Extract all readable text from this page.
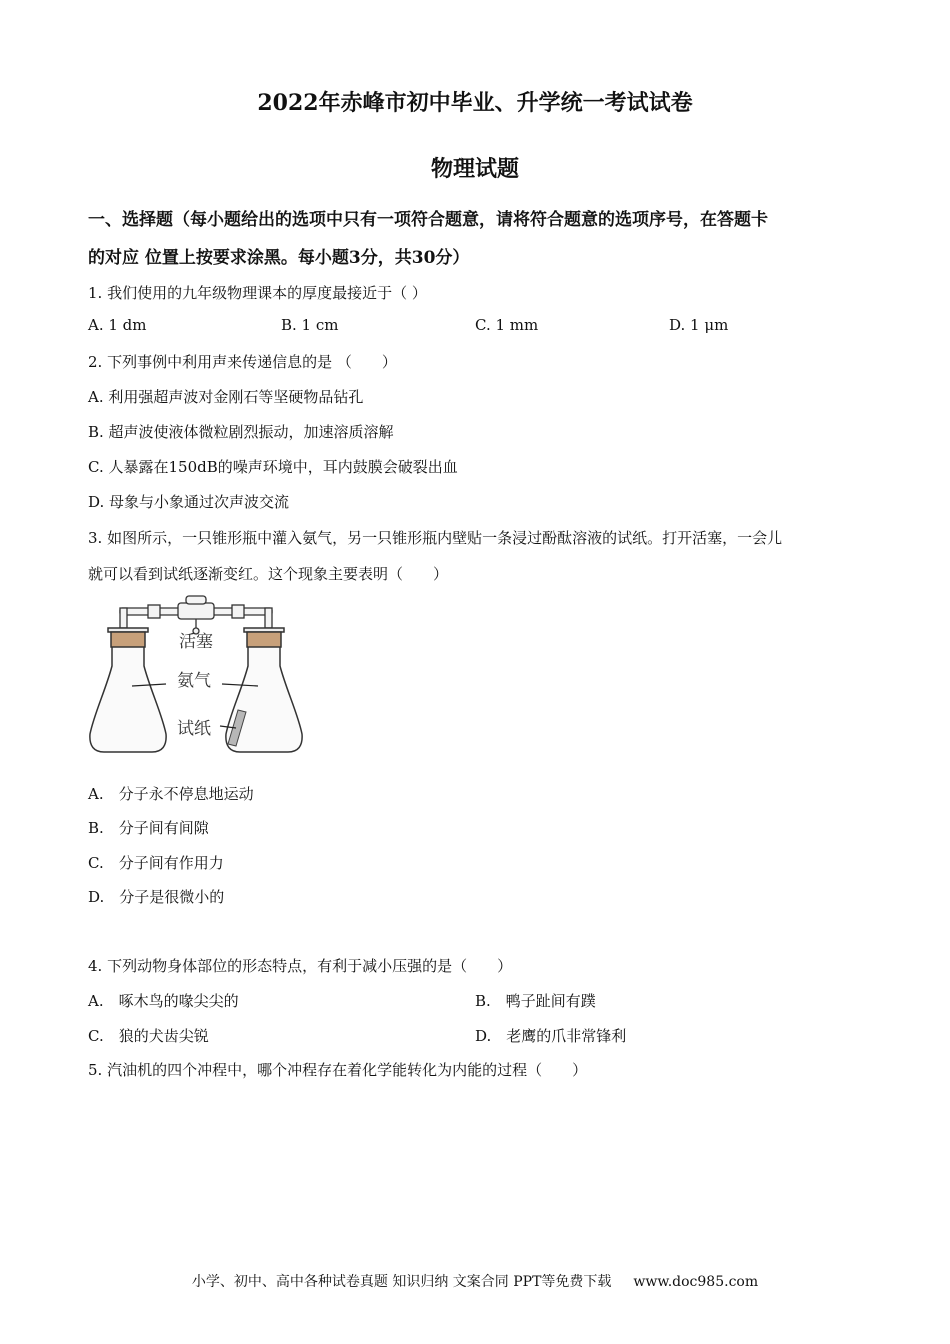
2022年赤峰市初中毕业、升学统一考试试卷
物理试题
一、选择题（每小题给出的选项中只有一项符合题意，请将符合题意的选项序号，在答题卡
的对应 位置上按要求涂黑。每小题3分，共30分）
1. 我们使用的九年级物理课本的厚度最接近于（ ）
A. 1 dm	B. 1 cm	C. 1 mm	D. 1 μm
2. 下列事例中利用声来传递信息的是 （　　）
A. 利用强超声波对金刚石等坚硬物品钻孔
B. 超声波使液体微粒剧烈振动，加速溶质溶解
C. 人暴露在150dB的噪声环境中，耳内鼓膜会破裂出血
D. 母象与小象通过次声波交流
3. 如图所示，一只锥形瓶中灌入氨气，另一只锥形瓶内壁贴一条浸过酚酞溶液的试纸。打开活塞，一会儿
就可以看到试纸逐渐变红。这个现象主要表明（　　）
活塞
氨气
试纸
A.　分子永不停息地运动
B.　分子间有间隙
C.　分子间有作用力
D.　分子是很微小的
4. 下列动物身体部位的形态特点，有利于减小压强的是（　　）
A.　啄木鸟的喙尖尖的	B.　鸭子趾间有蹼
C.　狼的犬齿尖锐	D.　老鹰的爪非常锋利
5. 汽油机的四个冲程中，哪个冲程存在着化学能转化为内能的过程（　　）
小学、初中、高中各种试卷真题 知识归纳 文案合同 PPT等免费下载 www.doc985.com
